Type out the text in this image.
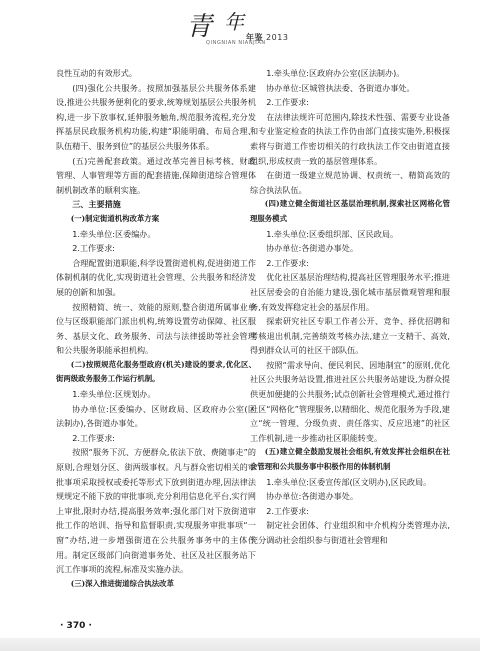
青 年
年鉴 2013
QINGNIAN NIANJIAN

良性互动的有效形式。

(四)强化公共服务。按照加强基层公共服务体系建设,推进公共服务便利化的要求,统筹规划基层公共服务机构,进一步下放事权,延伸服务触角,规范服务流程,充分发挥基层民政服务机构功能,构建“职能明确、布局合理、队伍精干、服务到位”的基层公共服务体系。

(五)完善配套政策。通过改革完善目标考核、财政管理、人事管理等方面的配套措施,保障街道综合管理体制机制改革的顺利实施。

三、主要措施

(一)制定街道机构改革方案

1.牵头单位:区委编办。

2.工作要求:

合理配置街道职能,科学设置街道机构,促进街道工作体制机制的优化,实现街道社会管理、公共服务和经济发展的创新和加强。

按照精简、统一、效能的原则,整合街道所属事业单位与区级职能部门派出机构,统筹设置劳动保障、社区服务、基层文化、政务服务、司法与法律援助等社会管理和公共服务职能承担机构。

(二)按照规范化服务型政府(机关)建设的要求,优化区、街两级政务服务工作运行机制。

1.牵头单位:区规划办。

协办单位:区委编办、区财政局、区政府办公室(区法制办),各街道办事处。

2.工作要求:

按照“服务下沉、方便群众,依法下放、费随事走”的原则,合理划分区、街两级事权。凡与群众密切相关的审批事项采取授权或委托等形式下放到街道办理,因法律法规规定不能下放的审批事项,充分利用信息化平台,实行网上审批,限时办结,提高服务效率;强化部门对下放街道审批工作的培训、指导和监督职责,实现服务审批事项“一窗”办结,进一步增强街道在公共服务事务中的主体作用。制定区级部门向街道事务处、社区及社区服务站下沉工作事项的流程,标准及实施办法。

(三)深入推进街道综合执法改革

1.牵头单位:区政府办公室(区法制办)。

协办单位:区城管执法委、各街道办事处。

2.工作要求:

在法律法规许可范围内,除技术性强、需要专业设备和专业鉴定检查的执法工作仍由部门直接实施外,积极探索将与街道工作密切相关的行政执法工作交由街道直接组织,形成权责一致的基层管理体系。

在街道一级建立规范协调、权责统一、精简高效的综合执法队伍。

(四)建立健全街道社区基层治理机制,探索社区网格化管理服务模式

1.牵头单位:区委组织部、区民政局。

协办单位:各街道办事处。

2.工作要求:

优化社区基层治理结构,提高社区管理服务水平;推进社区居委会的自治能力建设,强化城市基层微观管理和服务,有效发挥稳定社会的基层作用。

探索研究社区专职工作者公开、竞争、择优招聘和考核退出机制,完善绩效考核办法,建立一支精干、高效,得到群众认可的社区干部队伍。

按照“需求导向、便民利民、因地制宜”的原则,优化社区公共服务站设置,推进社区公共服务站建设,为群众提供更加便捷的公共服务;试点创新社会管理模式,通过推行社区“网格化”管理服务,以精细化、规范化服务为手段,建立“统一管理、分级负责、责任落实、反应迅速”的社区工作机制,进一步推动社区职能转变。

(五)建立健全鼓励发展社会组织,有效发挥社会组织在社会管理和公共服务事中积极作用的体制机制

1.牵头单位:区委宣传部(区文明办),区民政局。

协办单位:各街道办事处。

2.工作要求:

制定社会团体、行业组织和中介机构分类管理办法,充分调动社会组织参与街道社会管理和

· 370 ·
